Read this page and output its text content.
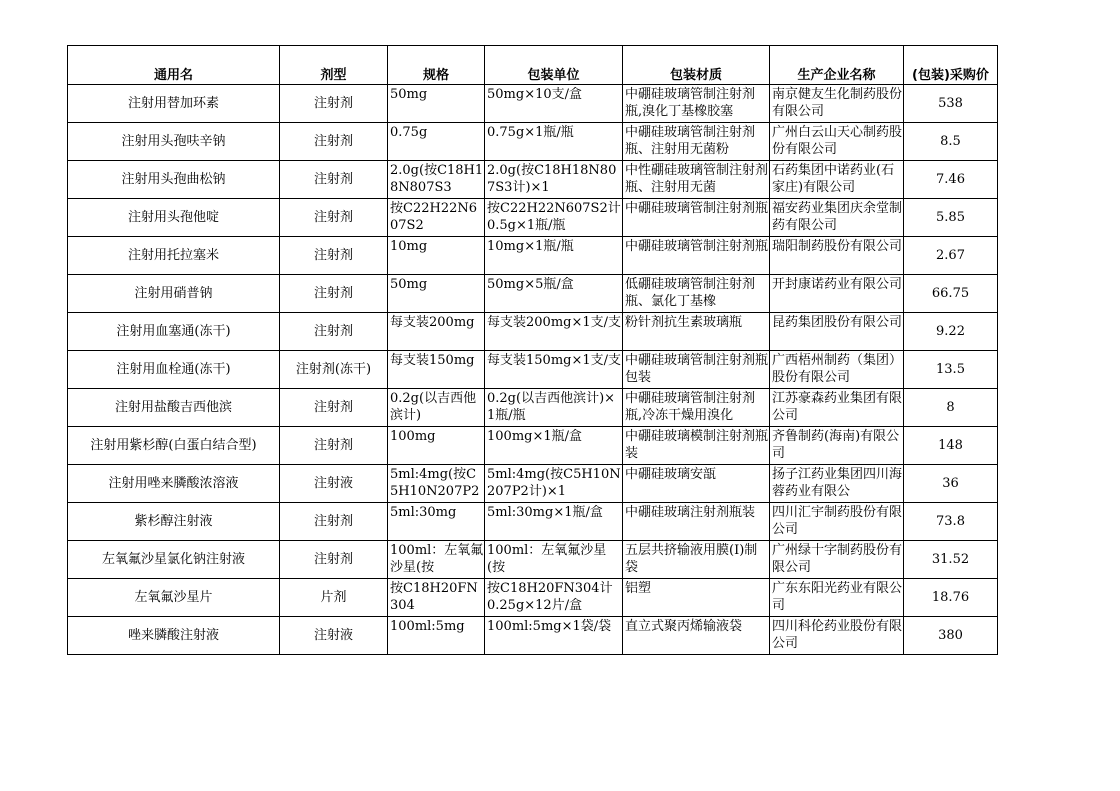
通用名	剂型	规格	包装单位	包装材质	生产企业名称	(包装)采购价
注射用替加环素	注射剂	50mg	50mg×10支/盒	中硼硅玻璃管制注射剂瓶,溴化丁基橡胶塞	南京健友生化制药股份有限公司	538
注射用头孢呋辛钠	注射剂	0.75g	0.75g×1瓶/瓶	中硼硅玻璃管制注射剂瓶、注射用无菌粉	广州白云山天心制药股份有限公司	8.5
注射用头孢曲松钠	注射剂	2.0g(按C18H18N807S3	2.0g(按C18H18N807S3计)×1	中性硼硅玻璃管制注射剂瓶、注射用无菌	石药集团中诺药业(石家庄)有限公司	7.46
注射用头孢他啶	注射剂	按C22H22N607S2	按C22H22N607S2计0.5g×1瓶/瓶	中硼硅玻璃管制注射剂瓶	福安药业集团庆余堂制药有限公司	5.85
注射用托拉塞米	注射剂	10mg	10mg×1瓶/瓶	中硼硅玻璃管制注射剂瓶	瑞阳制药股份有限公司	2.67
注射用硝普钠	注射剂	50mg	50mg×5瓶/盒	低硼硅玻璃管制注射剂瓶、氯化丁基橡	开封康诺药业有限公司	66.75
注射用血塞通(冻干)	注射剂	每支装200mg	每支装200mg×1支/支	粉针剂抗生素玻璃瓶	昆药集团股份有限公司	9.22
注射用血栓通(冻干)	注射剂(冻干)	每支装150mg	每支装150mg×1支/支	中硼硅玻璃管制注射剂瓶包装	广西梧州制药（集团）股份有限公司	13.5
注射用盐酸吉西他滨	注射剂	0.2g(以吉西他滨计)	0.2g(以吉西他滨计)×1瓶/瓶	中硼硅玻璃管制注射剂瓶,冷冻干燥用溴化	江苏豪森药业集团有限公司	8
注射用紫杉醇(白蛋白结合型)	注射剂	100mg	100mg×1瓶/盒	中硼硅玻璃模制注射剂瓶装	齐鲁制药(海南)有限公司	148
注射用唑来膦酸浓溶液	注射液	5ml:4mg(按C5H10N207P2	5ml:4mg(按C5H10N207P2计)×1	中硼硅玻璃安瓿	扬子江药业集团四川海蓉药业有限公	36
紫杉醇注射液	注射剂	5ml:30mg	5ml:30mg×1瓶/盒	中硼硅玻璃注射剂瓶装	四川汇宇制药股份有限公司	73.8
左氧氟沙星氯化钠注射液	注射剂	100ml：左氧氟沙星(按	100ml：左氧氟沙星(按	五层共挤输液用膜(I)制袋	广州绿十字制药股份有限公司	31.52
左氧氟沙星片	片剂	按C18H20FN304	按C18H20FN304计0.25g×12片/盒	铝塑	广东东阳光药业有限公司	18.76
唑来膦酸注射液	注射液	100ml:5mg	100ml:5mg×1袋/袋	直立式聚丙烯输液袋	四川科伦药业股份有限公司	380
